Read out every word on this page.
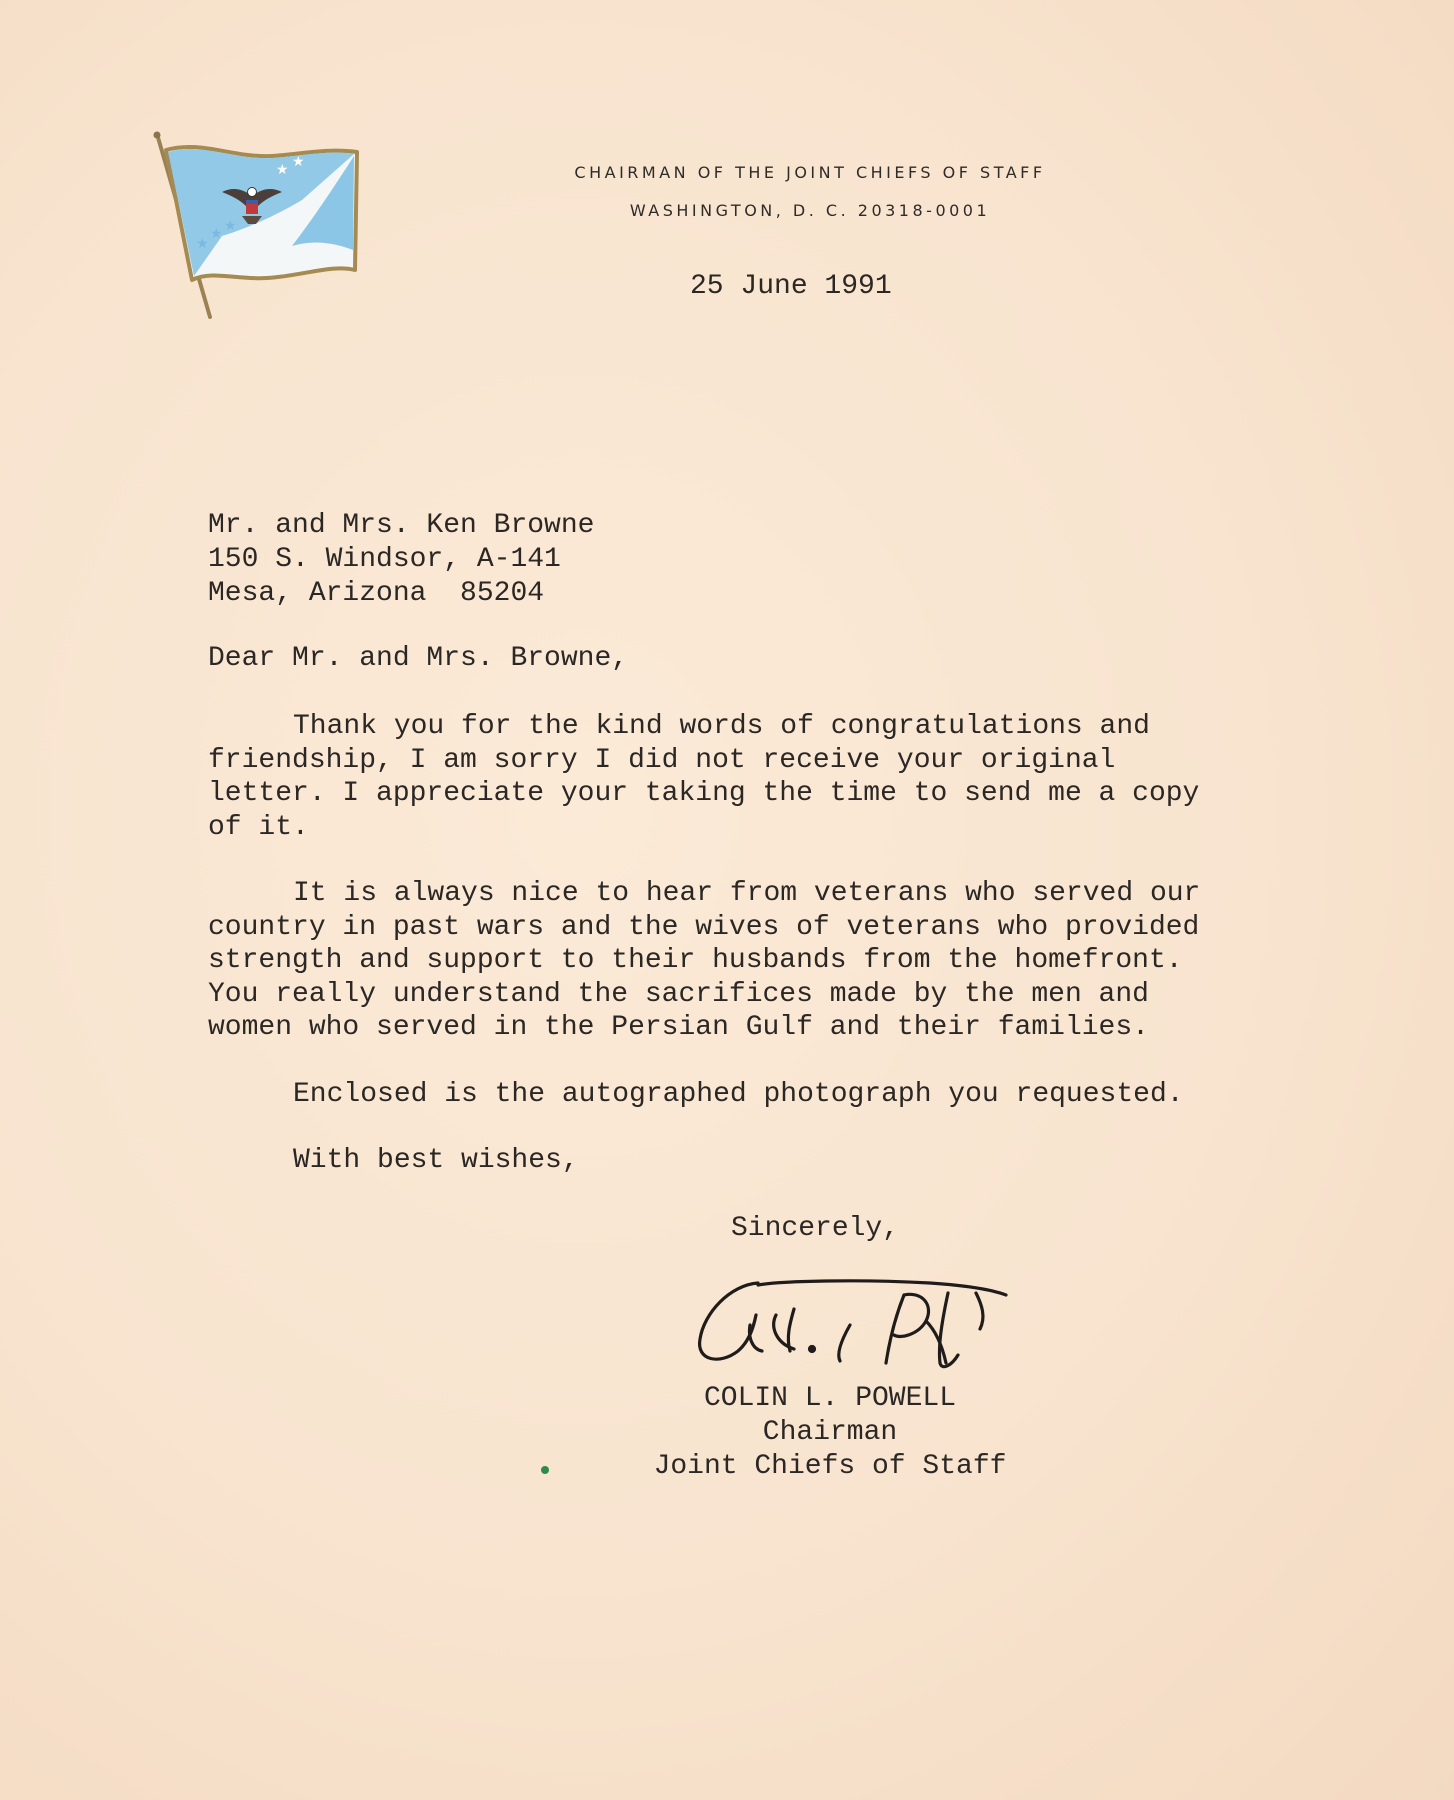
★ ★
★
★ ★
CHAIRMAN OF THE JOINT CHIEFS OF STAFF
WASHINGTON, D. C. 20318-0001
25 June 1991
Mr. and Mrs. Ken Browne
150 S. Windsor, A-141
Mesa, Arizona  85204
Dear Mr. and Mrs. Browne,

Thank you for the kind words of congratulations and friendship, I am sorry I did not receive your original letter. I appreciate your taking the time to send me a copy of it.

It is always nice to hear from veterans who served our country in past wars and the wives of veterans who provided strength and support to their husbands from the homefront. You really understand the sacrifices made by the men and women who served in the Persian Gulf and their families.

Enclosed is the autographed photograph you requested.

With best wishes,
Sincerely,
COLIN L. POWELL
Chairman
Joint Chiefs of Staff
